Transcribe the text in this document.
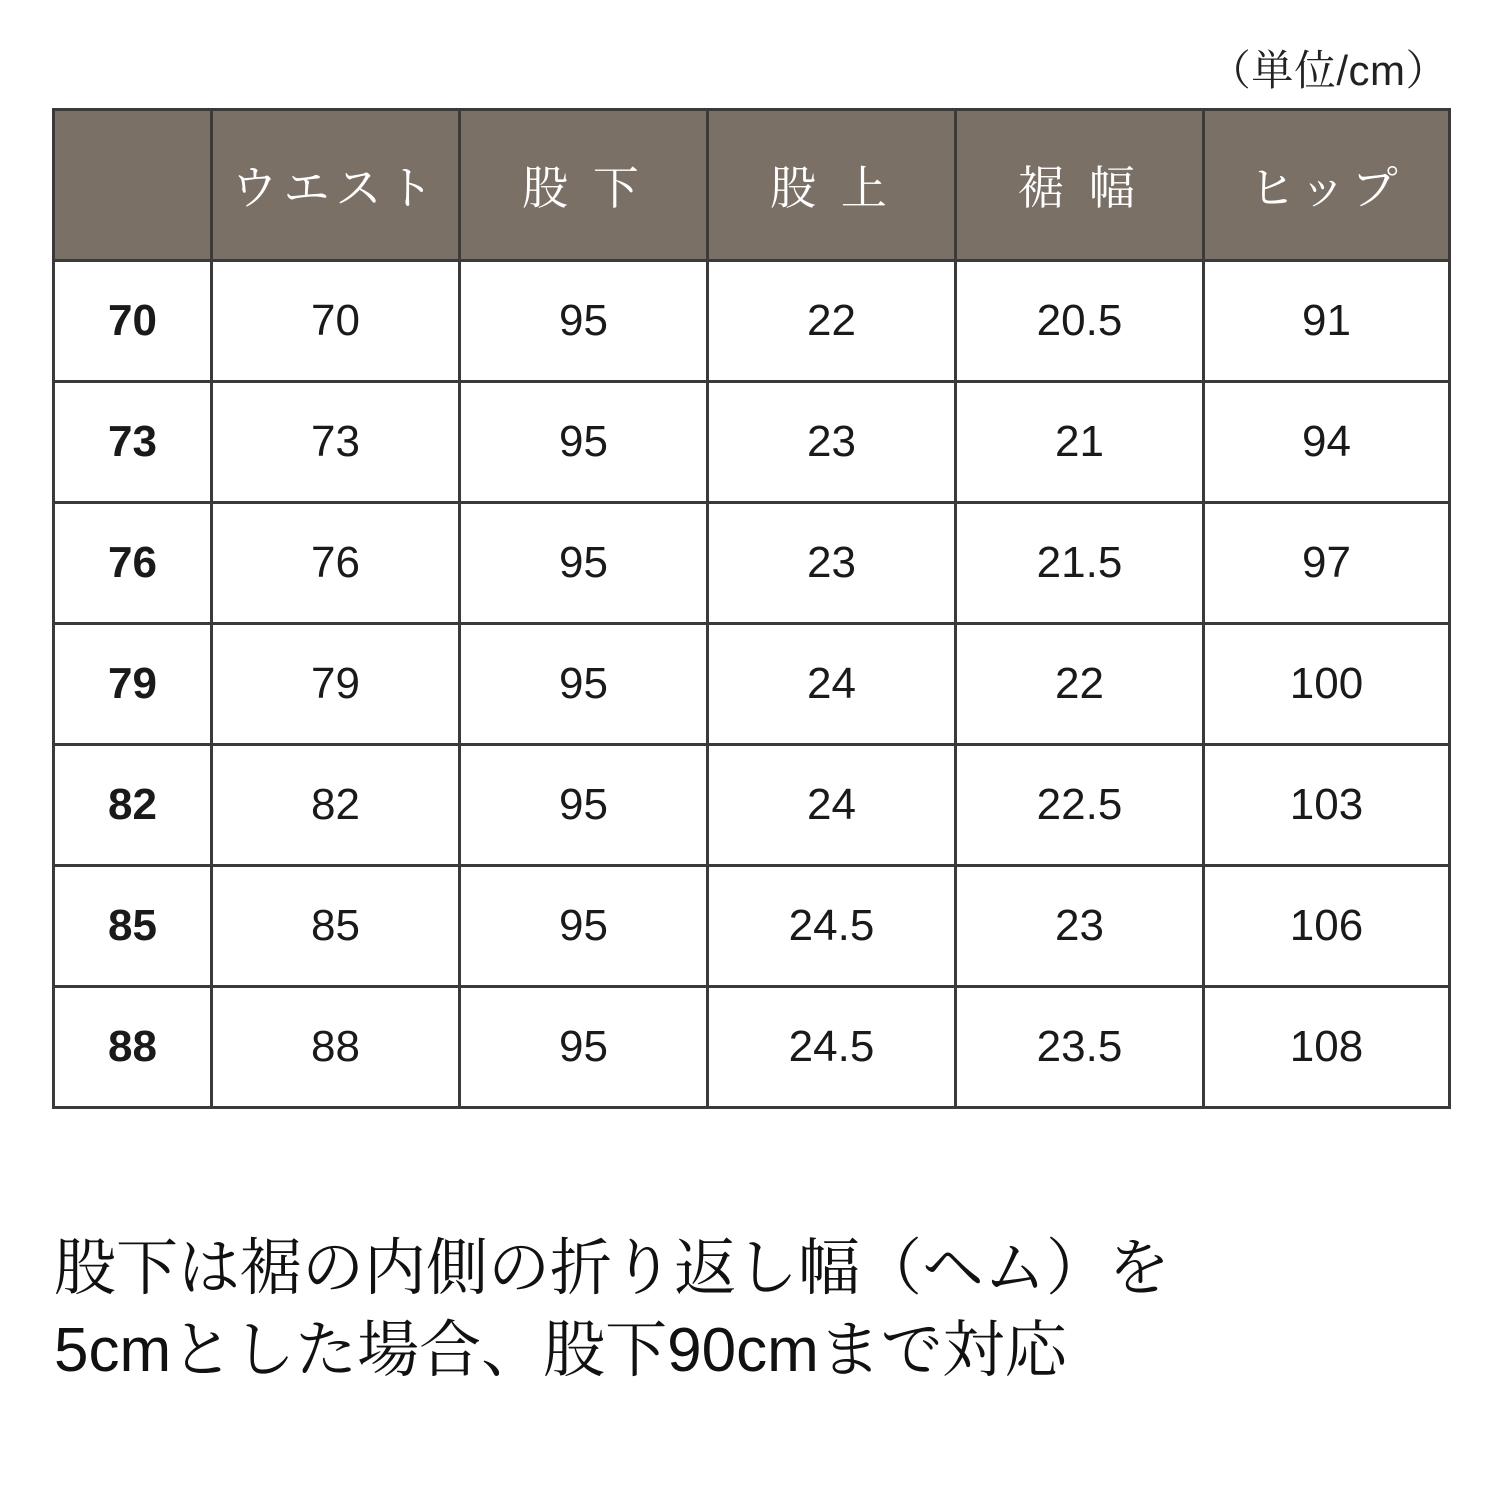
（単位/cm）
	ウエスト	股 下	股 上	裾 幅	ヒップ
70	70	95	22	20.5	91
73	73	95	23	21	94
76	76	95	23	21.5	97
79	79	95	24	22	100
82	82	95	24	22.5	103
85	85	95	24.5	23	106
88	88	95	24.5	23.5	108
股下は裾の内側の折り返し幅（ヘム）を
5cmとした場合、股下90cmまで対応
